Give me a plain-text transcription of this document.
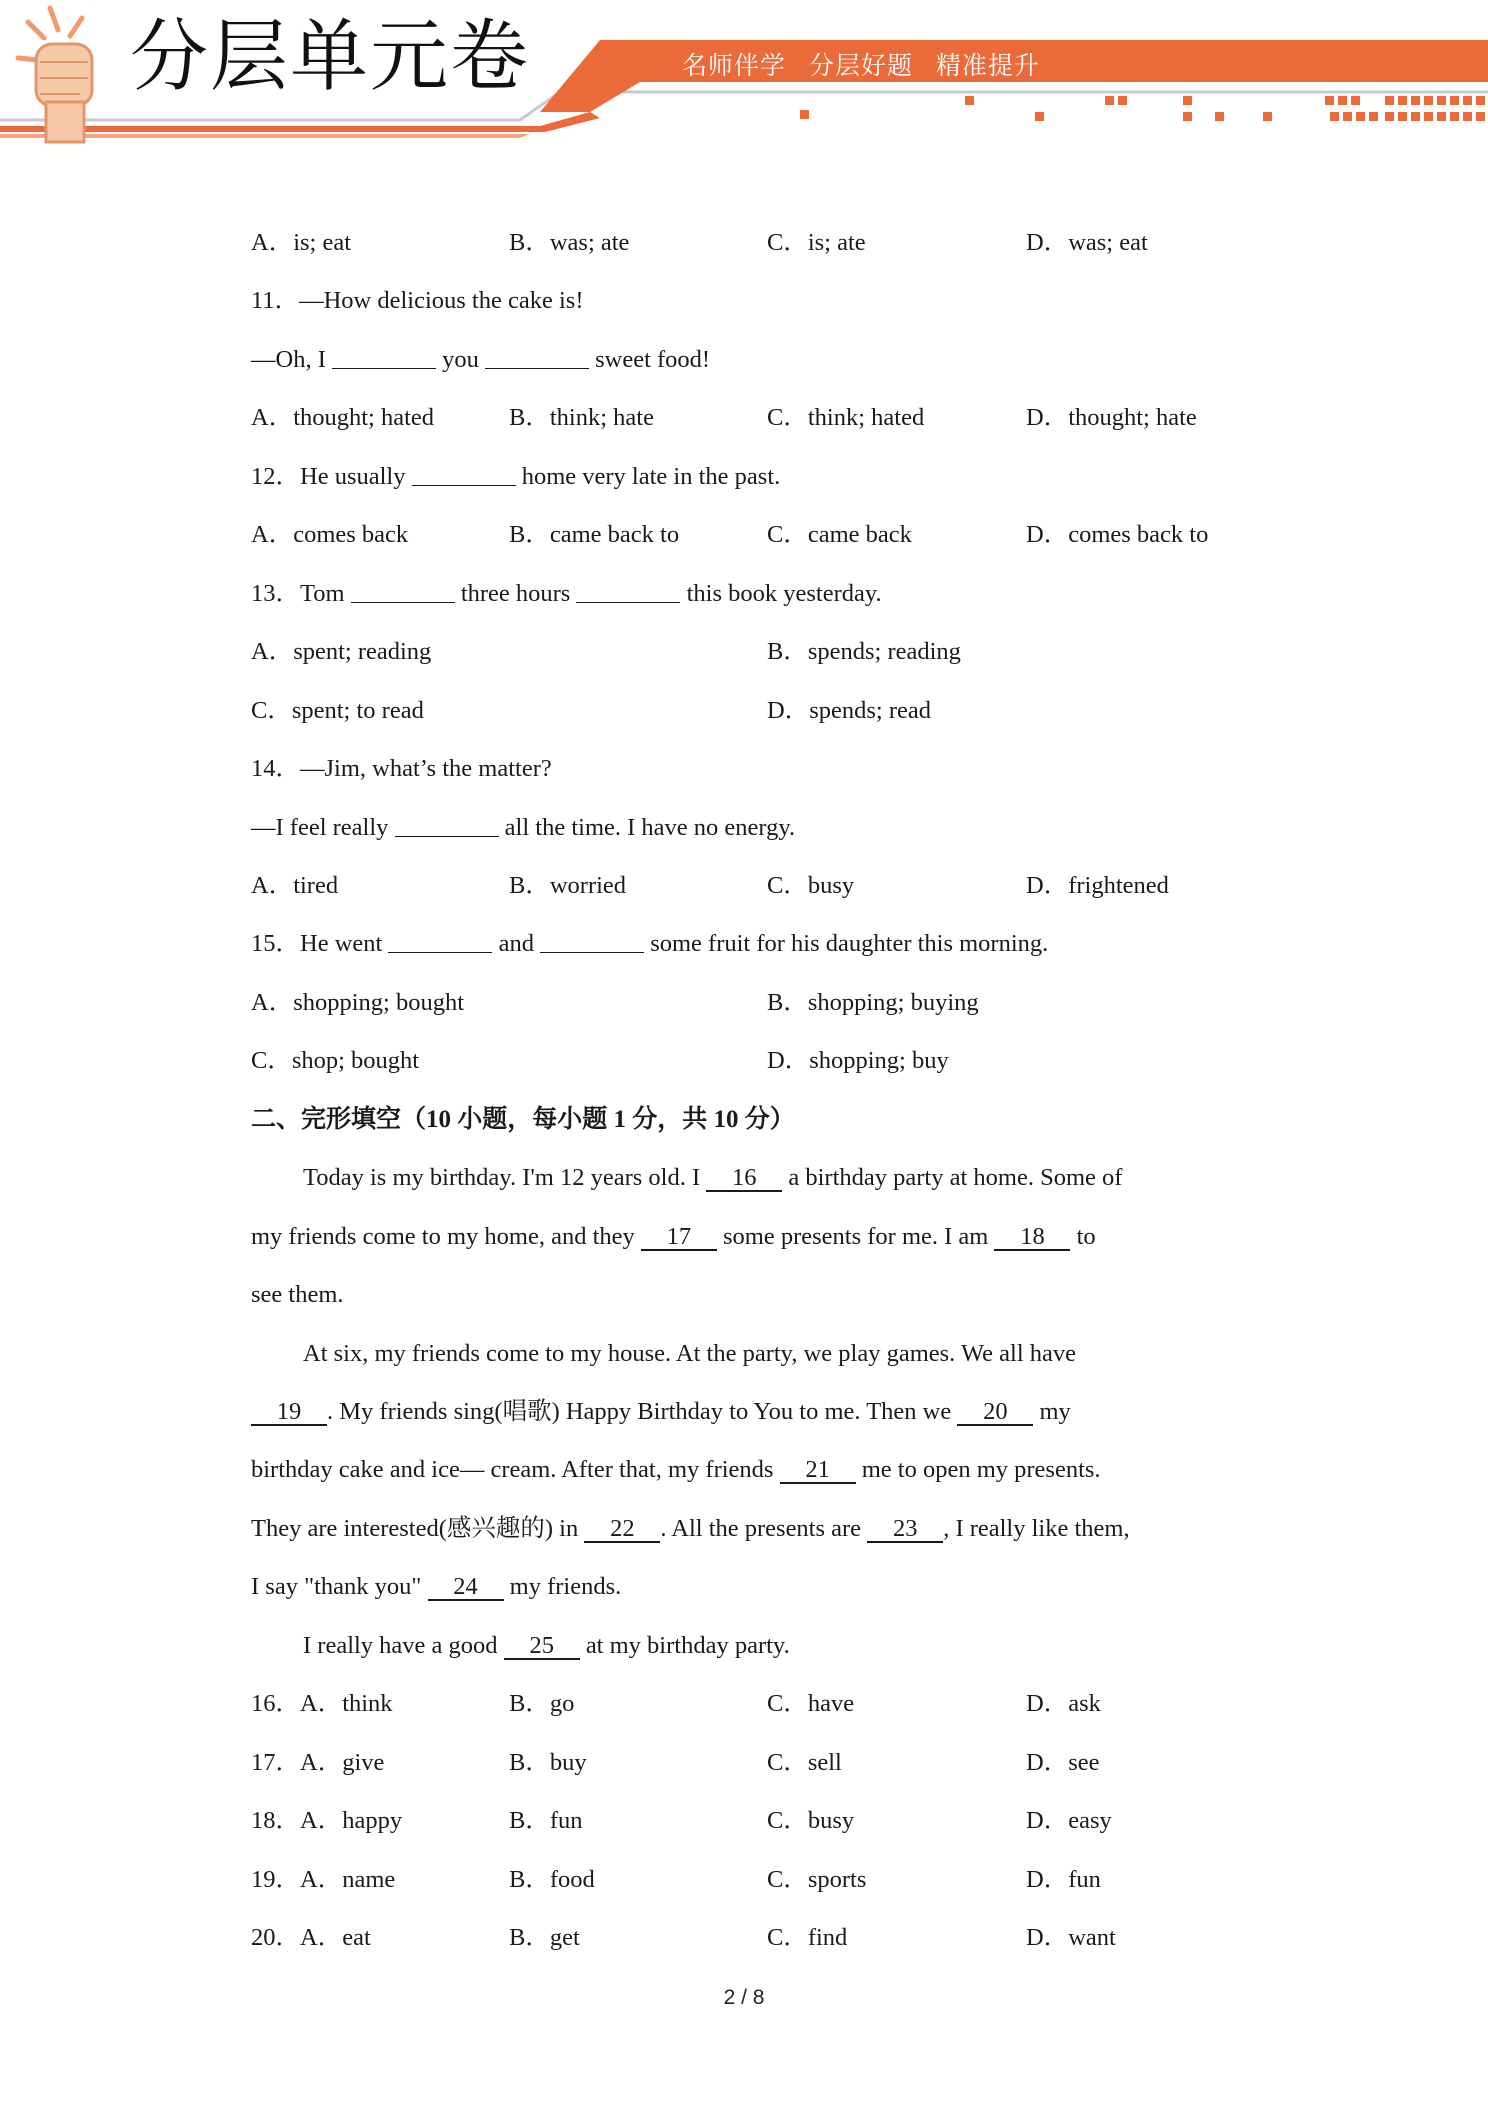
分层单元卷	名师伴学 分层好题 精准提升
A．is; eat	B．was; ate	C．is; ate	D．was; eat
11．—How delicious the cake is!
—Oh, I	you	sweet food!
A．thought; hated	B．think; hate	C．think; hated	D．thought; hate
12．He usually	home very late in the past.
A．comes back	B．came back to	C．came back	D．comes back to
13．Tom	three hours	this book yesterday.
A．spent; reading	B．spends; reading
C．spent; to read	D．spends; read
14．—Jim, what’s the matter?
—I feel really	all the time. I have no energy.
A．tired	B．worried	C．busy	D．frightened
15．He went	and	some fruit for his daughter this morning.
A．shopping; bought	B．shopping; buying
C．shop; bought	D．shopping; buy
二、完形填空（10 小题，每小题 1 分，共 10 分）
Today is my birthday. I'm 12 years old. I 16 a birthday party at home. Some of
my friends come to my home, and they 17 some presents for me. I am 18 to
see them.
At six, my friends come to my house. At the party, we play games. We all have
19 . My friends sing(唱歌) Happy Birthday to You to me. Then we 20 my
birthday cake and ice— cream. After that, my friends 21 me to open my presents.
They are interested(感兴趣的) in 22 . All the presents are 23 , I really like them,
I say "thank you" 24 my friends.
I really have a good 25 at my birthday party.
16．A．think	B．go	C．have	D．ask
17．A．give	B．buy	C．sell	D．see
18．A．happy	B．fun	C．busy	D．easy
19．A．name	B．food	C．sports	D．fun
20．A．eat	B．get	C．find	D．want
2 / 8
